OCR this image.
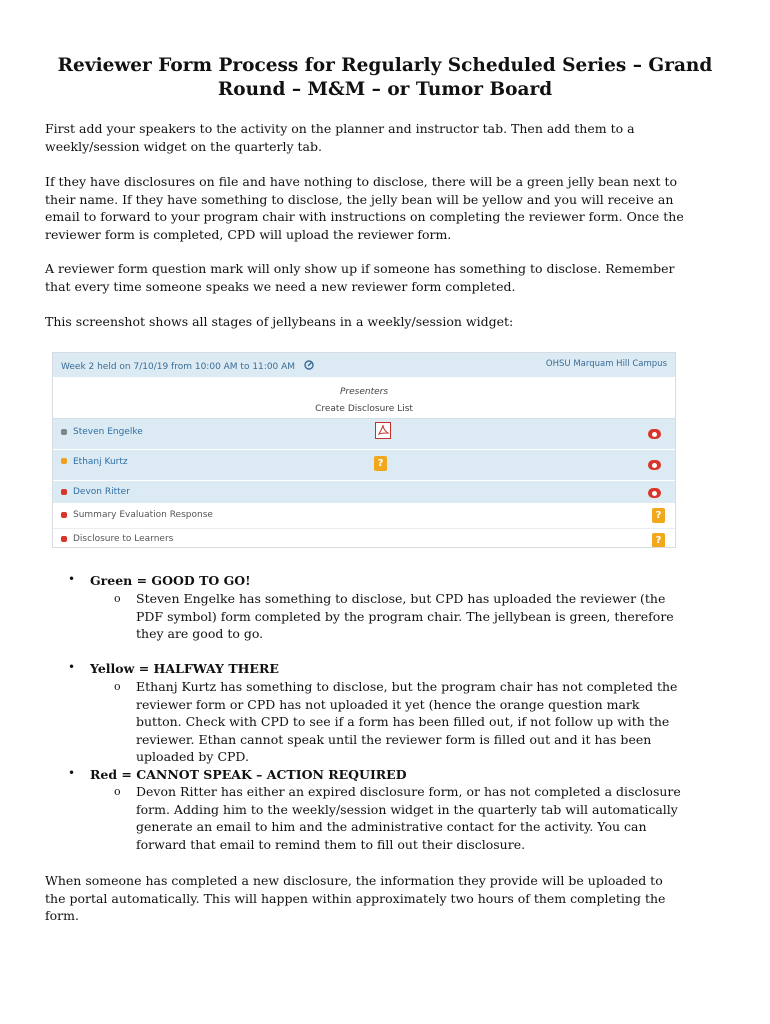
Reviewer Form Process for Regularly Scheduled Series – Grand Round – M&M – or Tumor Board

First add your speakers to the activity on the planner and instructor tab. Then add them to a weekly/session widget on the quarterly tab.

If they have disclosures on file and have nothing to disclose, there will be a green jelly bean next to their name. If they have something to disclose, the jelly bean will be yellow and you will receive an email to forward to your program chair with instructions on completing the reviewer form. Once the reviewer form is completed, CPD will upload the reviewer form.

A reviewer form question mark will only show up if someone has something to disclose. Remember that every time someone speaks we need a new reviewer form completed.

This screenshot shows all stages of jellybeans in a weekly/session widget:

Week 2 held on 7/10/19 from 10:00 AM to 11:00 AM	OHSU Marquam Hill Campus
Presenters
Create Disclosure List
Steven Engelke
Ethanj Kurtz	?
Devon Ritter
Summary Evaluation Response	?
Disclosure to Learners	?
• Green = GOOD TO GO!

o Steven Engelke has something to disclose, but CPD has uploaded the reviewer (the PDF symbol) form completed by the program chair. The jellybean is green, therefore they are good to go.

• Yellow = HALFWAY THERE

o Ethanj Kurtz has something to disclose, but the program chair has not completed the reviewer form or CPD has not uploaded it yet (hence the orange question mark button. Check with CPD to see if a form has been filled out, if not follow up with the reviewer. Ethan cannot speak until the reviewer form is filled out and it has been uploaded by CPD.

• Red = CANNOT SPEAK – ACTION REQUIRED

o Devon Ritter has either an expired disclosure form, or has not completed a disclosure form. Adding him to the weekly/session widget in the quarterly tab will automatically generate an email to him and the administrative contact for the activity. You can forward that email to remind them to fill out their disclosure.

When someone has completed a new disclosure, the information they provide will be uploaded to the portal automatically. This will happen within approximately two hours of them completing the form.
